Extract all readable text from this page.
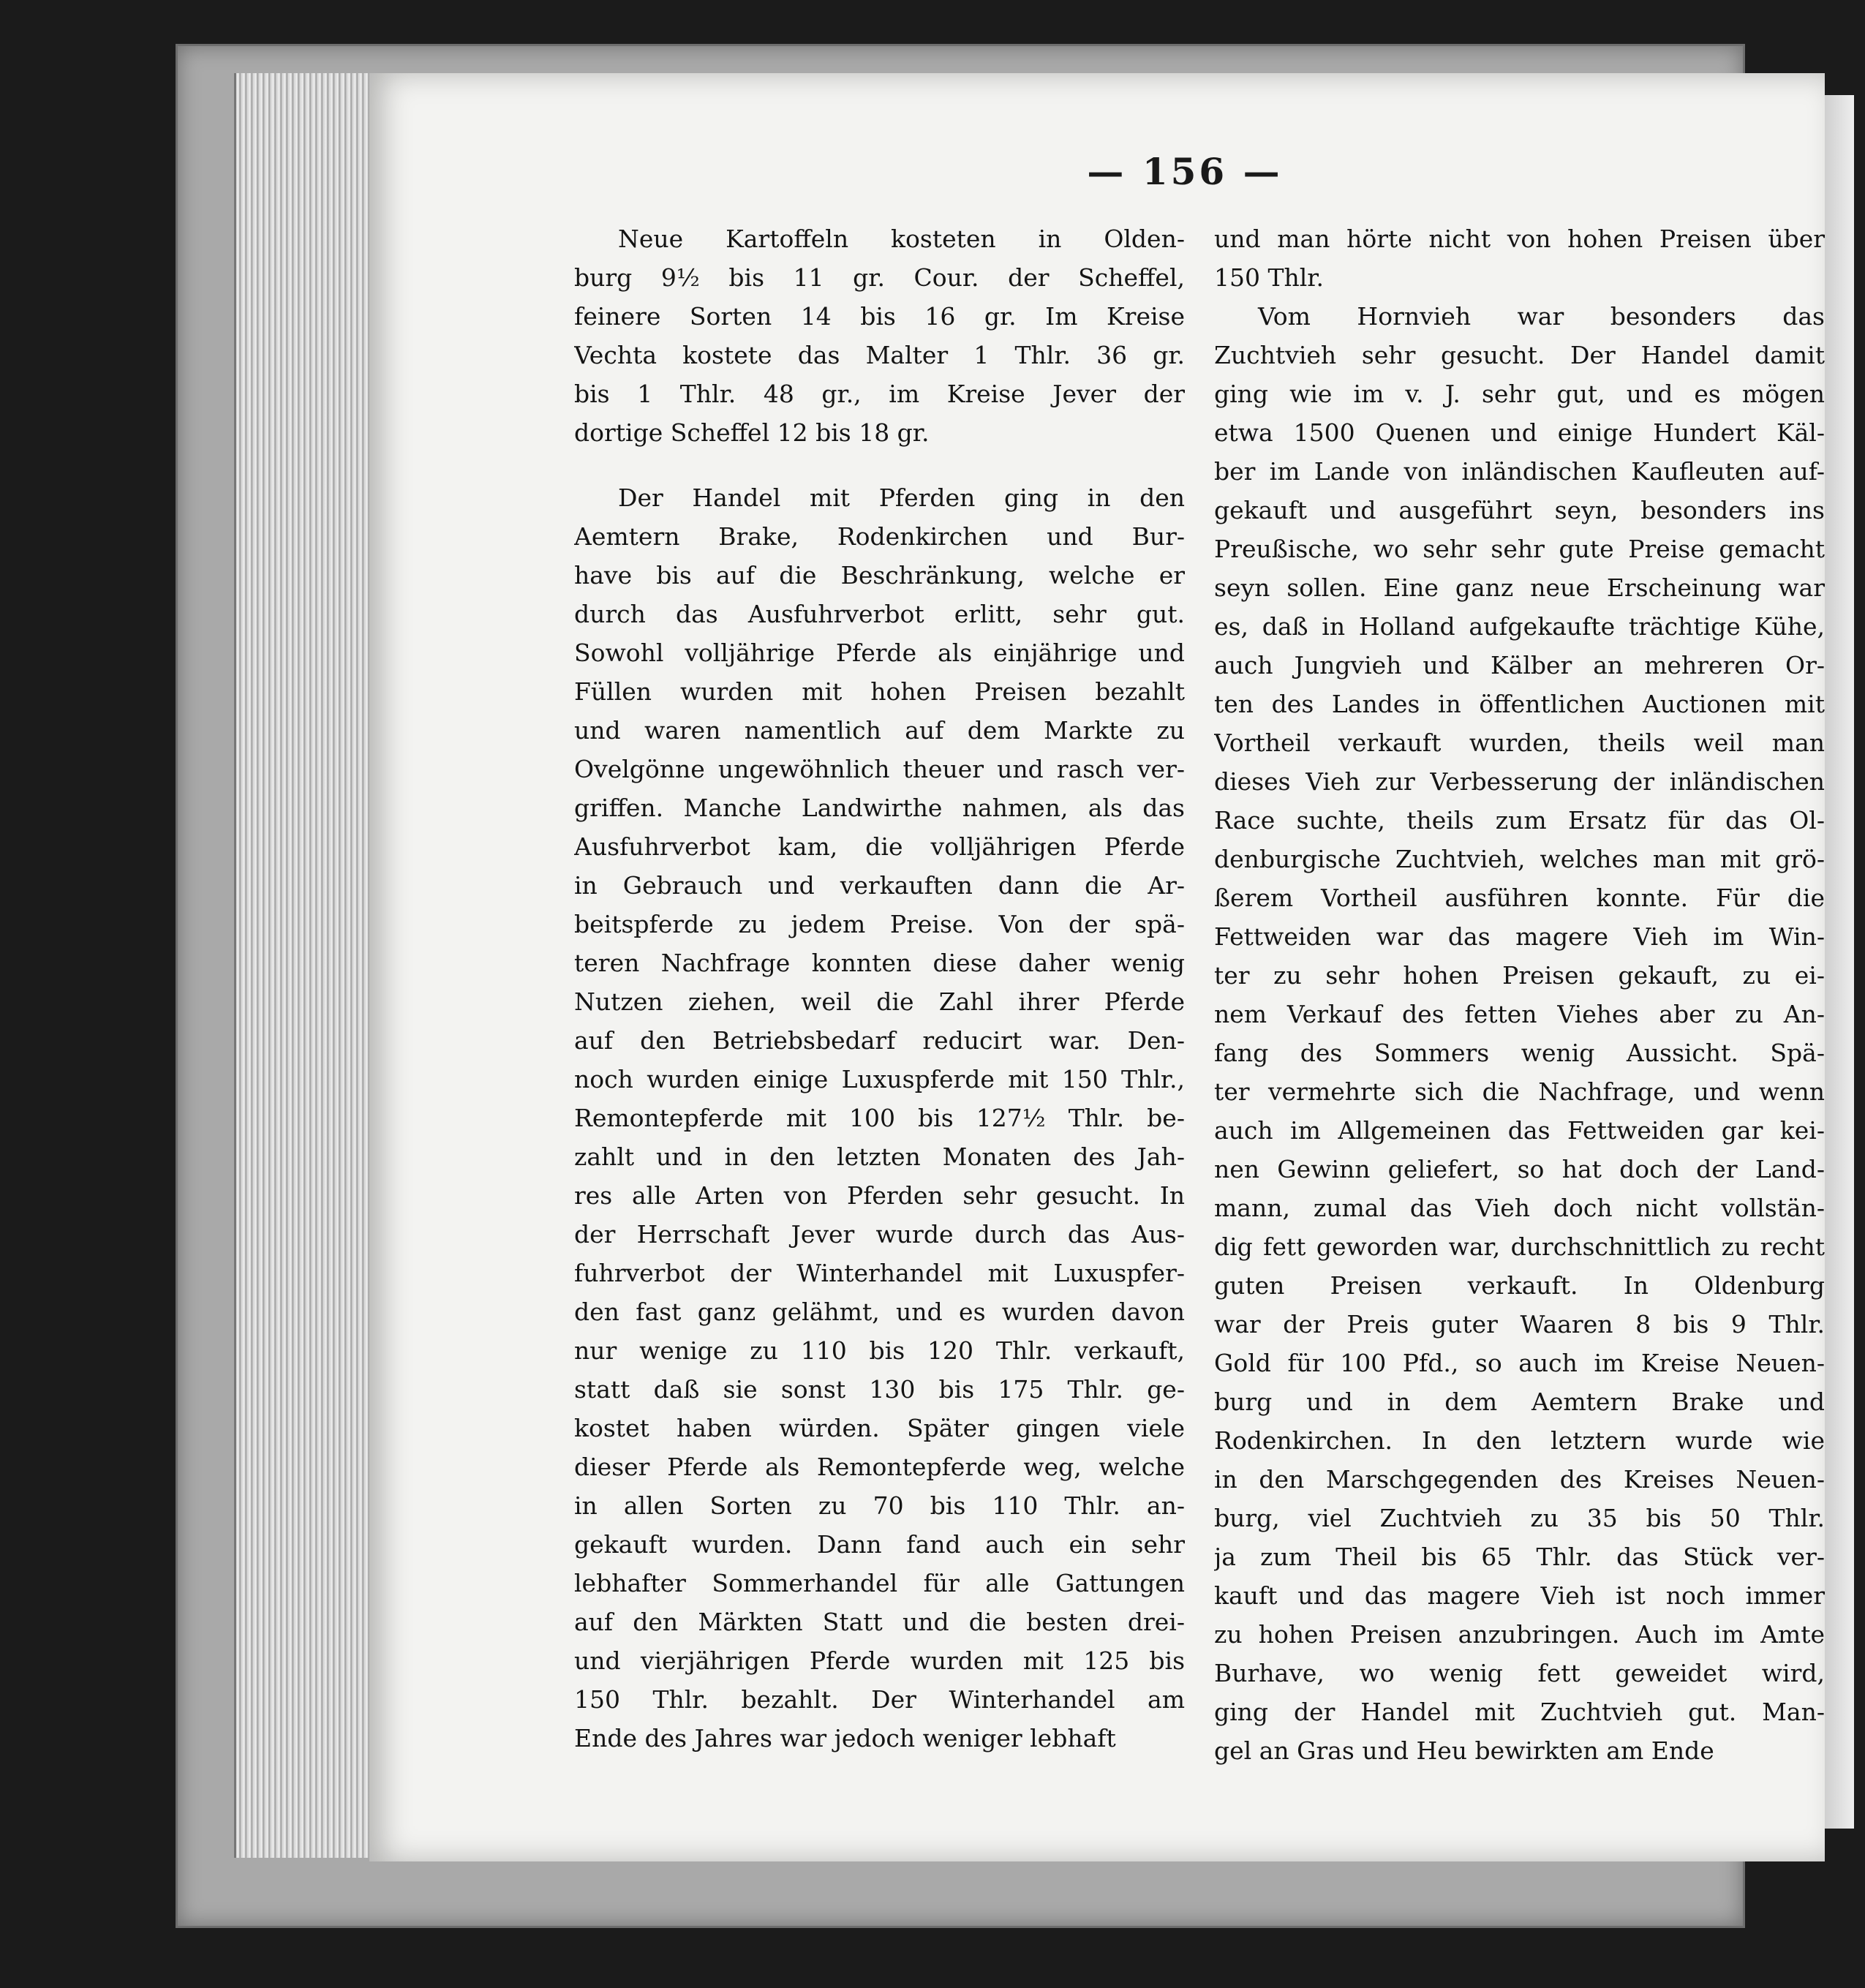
— 156 —
Neue Kartoffeln kosteten in Olden-
burg 9½ bis 11 gr. Cour. der Scheffel,
feinere Sorten 14 bis 16 gr. Im Kreise
Vechta kostete das Malter 1 Thlr. 36 gr.
bis 1 Thlr. 48 gr., im Kreise Jever der
dortige Scheffel 12 bis 18 gr.
Der Handel mit Pferden ging in den
Aemtern Brake, Rodenkirchen und Bur-
have bis auf die Beschränkung, welche er
durch das Ausfuhrverbot erlitt, sehr gut.
Sowohl volljährige Pferde als einjährige und
Füllen wurden mit hohen Preisen bezahlt
und waren namentlich auf dem Markte zu
Ovelgönne ungewöhnlich theuer und rasch ver-
griffen. Manche Landwirthe nahmen, als das
Ausfuhrverbot kam, die volljährigen Pferde
in Gebrauch und verkauften dann die Ar-
beitspferde zu jedem Preise. Von der spä-
teren Nachfrage konnten diese daher wenig
Nutzen ziehen, weil die Zahl ihrer Pferde
auf den Betriebsbedarf reducirt war. Den-
noch wurden einige Luxuspferde mit 150 Thlr.,
Remontepferde mit 100 bis 127½ Thlr. be-
zahlt und in den letzten Monaten des Jah-
res alle Arten von Pferden sehr gesucht. In
der Herrschaft Jever wurde durch das Aus-
fuhrverbot der Winterhandel mit Luxuspfer-
den fast ganz gelähmt, und es wurden davon
nur wenige zu 110 bis 120 Thlr. verkauft,
statt daß sie sonst 130 bis 175 Thlr. ge-
kostet haben würden. Später gingen viele
dieser Pferde als Remontepferde weg, welche
in allen Sorten zu 70 bis 110 Thlr. an-
gekauft wurden. Dann fand auch ein sehr
lebhafter Sommerhandel für alle Gattungen
auf den Märkten Statt und die besten drei-
und vierjährigen Pferde wurden mit 125 bis
150 Thlr. bezahlt. Der Winterhandel am
Ende des Jahres war jedoch weniger lebhaft
und man hörte nicht von hohen Preisen über
150 Thlr.
Vom Hornvieh war besonders das
Zuchtvieh sehr gesucht. Der Handel damit
ging wie im v. J. sehr gut, und es mögen
etwa 1500 Quenen und einige Hundert Käl-
ber im Lande von inländischen Kaufleuten auf-
gekauft und ausgeführt seyn, besonders ins
Preußische, wo sehr sehr gute Preise gemacht
seyn sollen. Eine ganz neue Erscheinung war
es, daß in Holland aufgekaufte trächtige Kühe,
auch Jungvieh und Kälber an mehreren Or-
ten des Landes in öffentlichen Auctionen mit
Vortheil verkauft wurden, theils weil man
dieses Vieh zur Verbesserung der inländischen
Race suchte, theils zum Ersatz für das Ol-
denburgische Zuchtvieh, welches man mit grö-
ßerem Vortheil ausführen konnte. Für die
Fettweiden war das magere Vieh im Win-
ter zu sehr hohen Preisen gekauft, zu ei-
nem Verkauf des fetten Viehes aber zu An-
fang des Sommers wenig Aussicht. Spä-
ter vermehrte sich die Nachfrage, und wenn
auch im Allgemeinen das Fettweiden gar kei-
nen Gewinn geliefert, so hat doch der Land-
mann, zumal das Vieh doch nicht vollstän-
dig fett geworden war, durchschnittlich zu recht
guten Preisen verkauft. In Oldenburg
war der Preis guter Waaren 8 bis 9 Thlr.
Gold für 100 Pfd., so auch im Kreise Neuen-
burg und in dem Aemtern Brake und
Rodenkirchen. In den letztern wurde wie
in den Marschgegenden des Kreises Neuen-
burg, viel Zuchtvieh zu 35 bis 50 Thlr.
ja zum Theil bis 65 Thlr. das Stück ver-
kauft und das magere Vieh ist noch immer
zu hohen Preisen anzubringen. Auch im Amte
Burhave, wo wenig fett geweidet wird,
ging der Handel mit Zuchtvieh gut. Man-
gel an Gras und Heu bewirkten am Ende
